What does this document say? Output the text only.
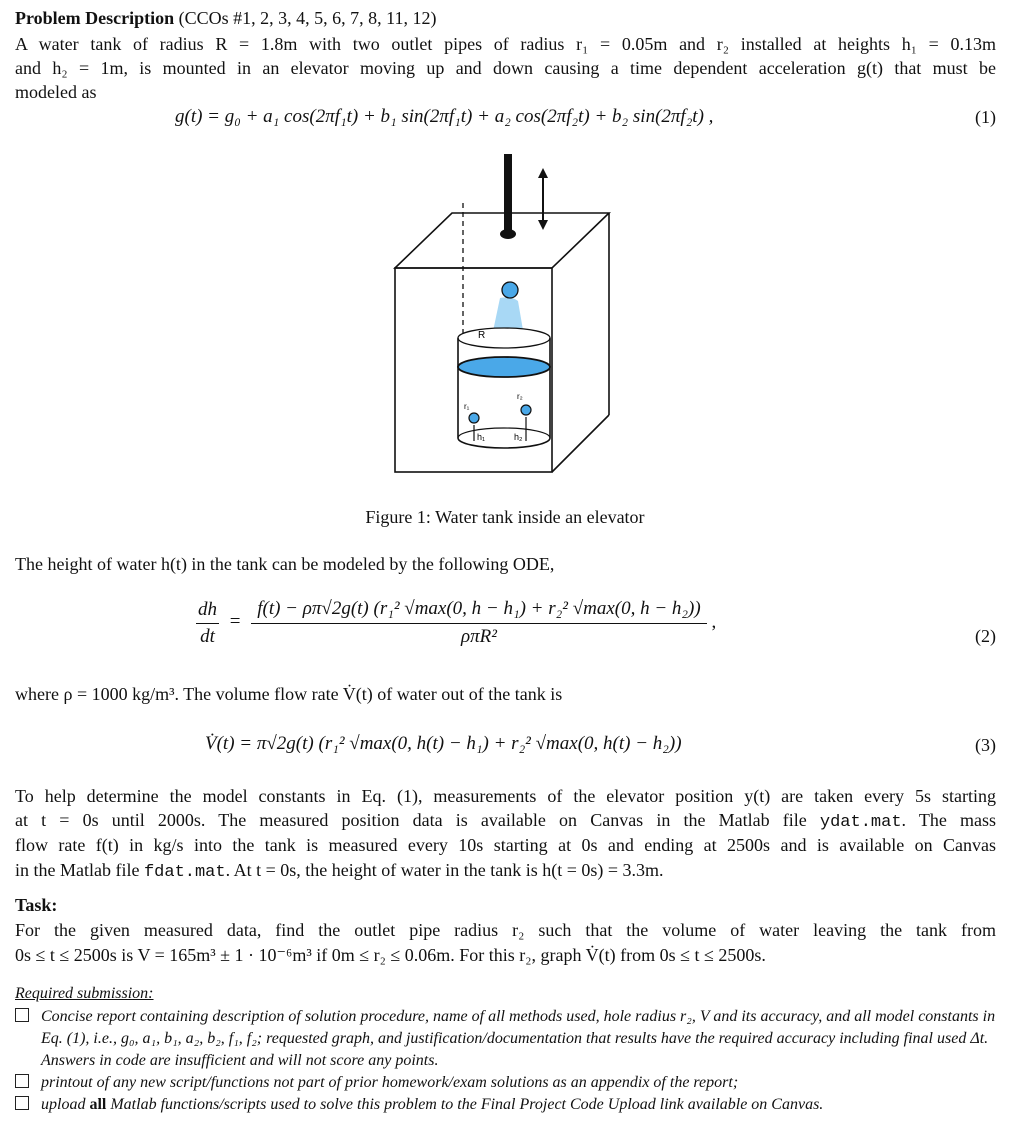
Problem Description (CCOs #1, 2, 3, 4, 5, 6, 7, 8, 11, 12)
A water tank of radius R = 1.8m with two outlet pipes of radius r₁ = 0.05m and r₂ installed at heights h₁ = 0.13m
and h₂ = 1m, is mounted in an elevator moving up and down causing a time dependent acceleration g(t) that must be
modeled as
g(t) = g₀ + a₁ cos(2πf₁t) + b₁ sin(2πf₁t) + a₂ cos(2πf₂t) + b₂ sin(2πf₂t) ,	(1)
R
r₁
r₂
h₁	h₂
Figure 1: Water tank inside an elevator
The height of water h(t) in the tank can be modeled by the following ODE,
$\frac{dh}{dt} = \frac{\text{f(t) − ρπ√2g(t) (r₁² √max(0, h − h₁) + r₂² √max(0, h − h₂))}}{\text{ρπR²}}$ ,
(2)
where ρ = 1000 kg/m³. The volume flow rate V̇(t) of water out of the tank is
V̇(t) = π√2g(t) (r₁² √max(0, h(t) − h₁) + r₂² √max(0, h(t) − h₂))	(3)
To help determine the model constants in Eq. (1), measurements of the elevator position y(t) are taken every 5s starting
at t = 0s until 2000s. The measured position data is available on Canvas in the Matlab file ydat.mat. The mass
flow rate f(t) in kg/s into the tank is measured every 10s starting at 0s and ending at 2500s and is available on Canvas
in the Matlab file fdat.mat. At t = 0s, the height of water in the tank is h(t = 0s) = 3.3m.
Task:
For the given measured data, find the outlet pipe radius r₂ such that the volume of water leaving the tank from
0s ≤ t ≤ 2500s is V = 165m³ ± 1 · 10⁻⁶m³ if 0m ≤ r₂ ≤ 0.06m. For this r₂, graph V̇(t) from 0s ≤ t ≤ 2500s.
Required submission:
Concise report containing description of solution procedure, name of all methods used, hole radius r₂, V and its accuracy, and all model constants in Eq. (1), i.e., g₀, a₁, b₁, a₂, b₂, f₁, f₂; requested graph, and justification/documentation that results have the required accuracy including final used Δt. Answers in code are insufficient and will not score any points.
printout of any new script/functions not part of prior homework/exam solutions as an appendix of the report;
upload all Matlab functions/scripts used to solve this problem to the Final Project Code Upload link available on Canvas.
